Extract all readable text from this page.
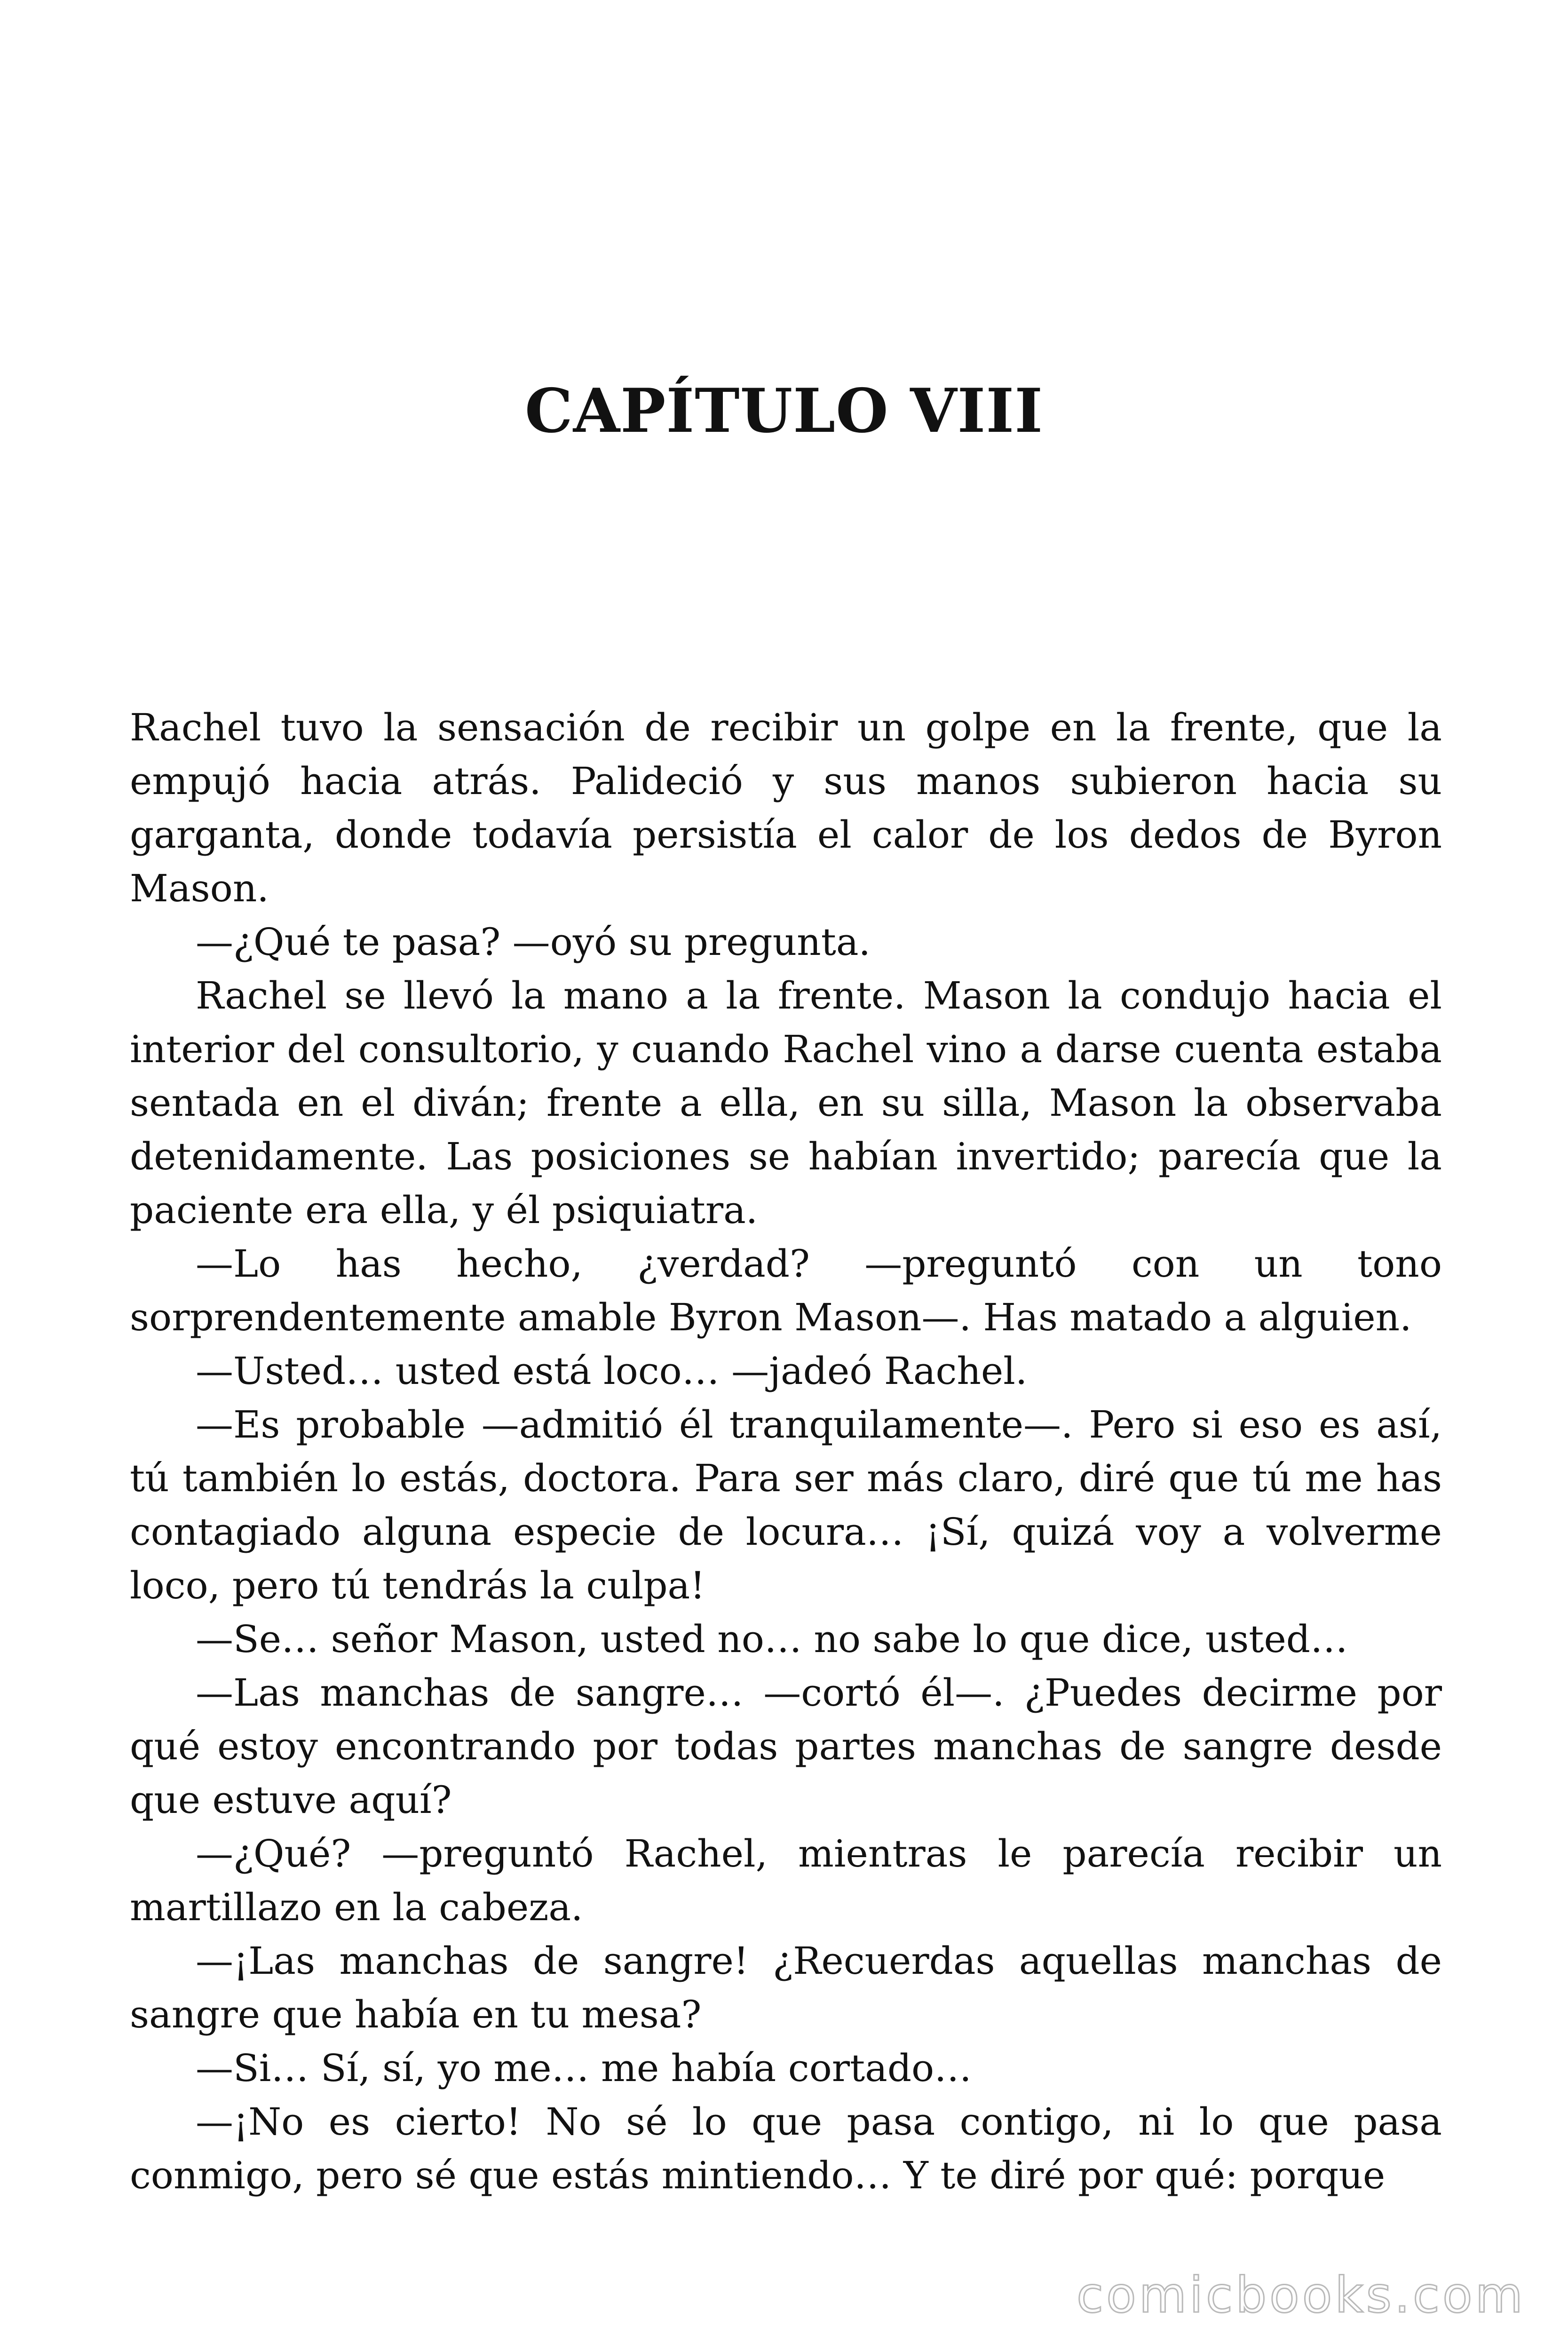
CAPÍTULO VIII

Rachel tuvo la sensación de recibir un golpe en la frente, que la empujó hacia atrás. Palideció y sus manos subieron hacia su garganta, donde todavía persistía el calor de los dedos de Byron Mason.

—¿Qué te pasa? —oyó su pregunta.

Rachel se llevó la mano a la frente. Mason la condujo hacia el interior del consultorio, y cuando Rachel vino a darse cuenta estaba sentada en el diván; frente a ella, en su silla, Mason la observaba detenidamente. Las posiciones se habían invertido; parecía que la paciente era ella, y él psiquiatra.

—Lo has hecho, ¿verdad? —preguntó con un tono sorprendentemente amable Byron Mason—. Has matado a alguien.

—Usted… usted está loco… —jadeó Rachel.

—Es probable —admitió él tranquilamente—. Pero si eso es así, tú también lo estás, doctora. Para ser más claro, diré que tú me has contagiado alguna especie de locura… ¡Sí, quizá voy a volverme loco, pero tú tendrás la culpa!

—Se… señor Mason, usted no… no sabe lo que dice, usted…

—Las manchas de sangre… —cortó él—. ¿Puedes decirme por qué estoy encontrando por todas partes manchas de sangre desde que estuve aquí?

—¿Qué? —preguntó Rachel, mientras le parecía recibir un martillazo en la cabeza.

—¡Las manchas de sangre! ¿Recuerdas aquellas manchas de sangre que había en tu mesa?

—Si… Sí, sí, yo me… me había cortado…

—¡No es cierto! No sé lo que pasa contigo, ni lo que pasa conmigo, pero sé que estás mintiendo… Y te diré por qué: porque

comicbooks.com
